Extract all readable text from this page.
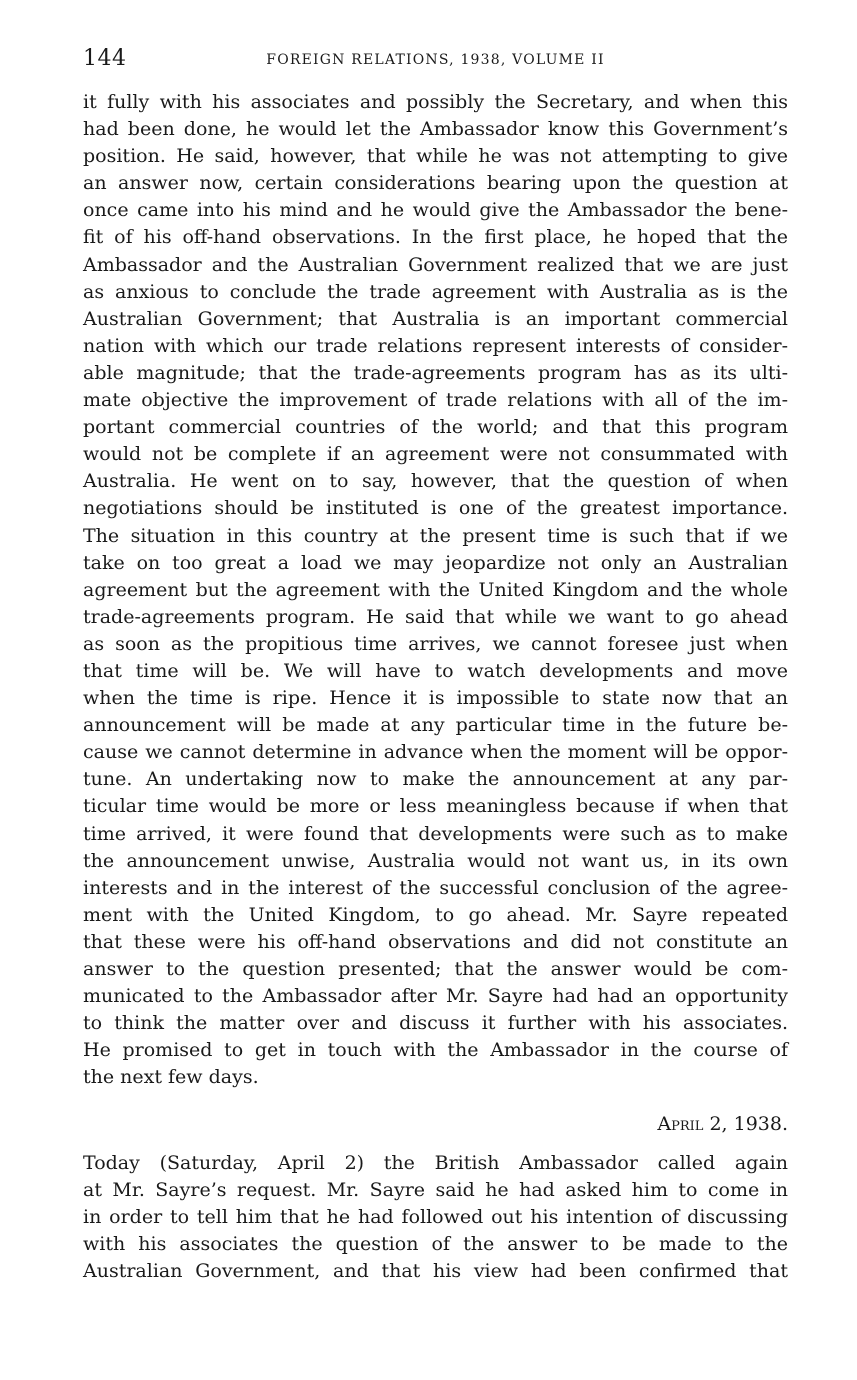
144	FOREIGN RELATIONS, 1938, VOLUME II
it fully with his associates and possibly the Secretary, and when this
had been done, he would let the Ambassador know this Government’s
position. He said, however, that while he was not attempting to give
an answer now, certain considerations bearing upon the question at
once came into his mind and he would give the Ambassador the bene-
fit of his off-hand observations. In the first place, he hoped that the
Ambassador and the Australian Government realized that we are just
as anxious to conclude the trade agreement with Australia as is the
Australian Government; that Australia is an important commercial
nation with which our trade relations represent interests of consider-
able magnitude; that the trade-agreements program has as its ulti-
mate objective the improvement of trade relations with all of the im-
portant commercial countries of the world; and that this program
would not be complete if an agreement were not consummated with
Australia. He went on to say, however, that the question of when
negotiations should be instituted is one of the greatest importance.
The situation in this country at the present time is such that if we
take on too great a load we may jeopardize not only an Australian
agreement but the agreement with the United Kingdom and the whole
trade-agreements program. He said that while we want to go ahead
as soon as the propitious time arrives, we cannot foresee just when
that time will be. We will have to watch developments and move
when the time is ripe. Hence it is impossible to state now that an
announcement will be made at any particular time in the future be-
cause we cannot determine in advance when the moment will be oppor-
tune. An undertaking now to make the announcement at any par-
ticular time would be more or less meaningless because if when that
time arrived, it were found that developments were such as to make
the announcement unwise, Australia would not want us, in its own
interests and in the interest of the successful conclusion of the agree-
ment with the United Kingdom, to go ahead. Mr. Sayre repeated
that these were his off-hand observations and did not constitute an
answer to the question presented; that the answer would be com-
municated to the Ambassador after Mr. Sayre had had an opportunity
to think the matter over and discuss it further with his associates.
He promised to get in touch with the Ambassador in the course of
the next few days.
April 2, 1938.
Today (Saturday, April 2) the British Ambassador called again
at Mr. Sayre’s request. Mr. Sayre said he had asked him to come in
in order to tell him that he had followed out his intention of discussing
with his associates the question of the answer to be made to the
Australian Government, and that his view had been confirmed that
